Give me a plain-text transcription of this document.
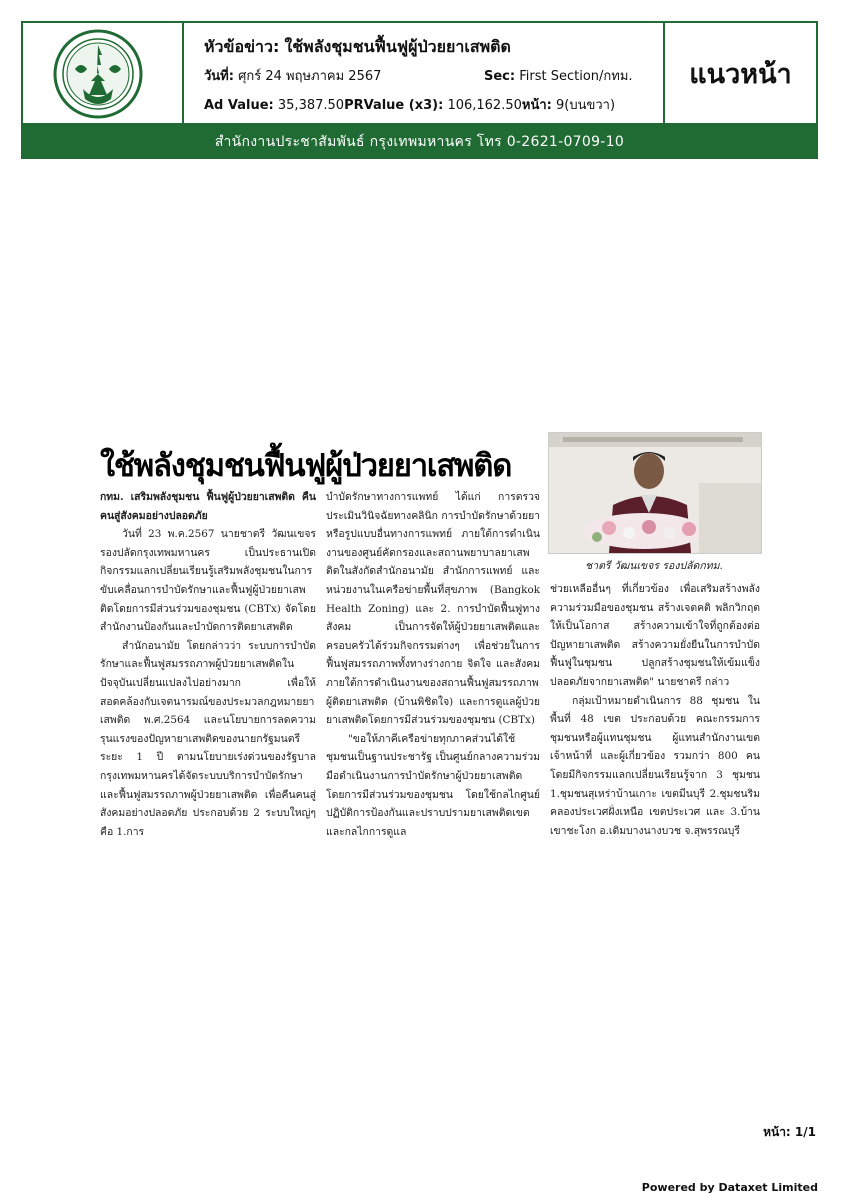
หัวข้อข่าว: ใช้พลังชุมชนฟื้นฟูผู้ป่วยยาเสพติด
วันที่: ศุกร์ 24 พฤษภาคม 2567	Sec: First Section/กทม.
Ad Value: 35,387.50PRValue (x3): 106,162.50หน้า: 9(บนขวา)
แนวหน้า
สำนักงานประชาสัมพันธ์ กรุงเทพมหานคร โทร 0-2621-0709-10
ใช้พลังชุมชนฟื้นฟูผู้ป่วยยาเสพติด
ชาตรี วัฒนเขจร รองปลัดกทม.

กทม. เสริมพลังชุมชน ฟื้นฟูผู้ป่วยยาเสพติด คืนคนสู่สังคมอย่างปลอดภัย

วันที่ 23 พ.ค.2567 นายชาตรี วัฒนเขจร รองปลัดกรุงเทพมหานคร เป็นประธานเปิดกิจกรรมแลกเปลี่ยนเรียนรู้เสริมพลังชุมชนในการขับเคลื่อนการบำบัดรักษาและฟื้นฟูผู้ป่วยยาเสพติดโดยการมีส่วนร่วมของชุมชน (CBTx) จัดโดยสำนักงานป้องกันและบำบัดการติดยาเสพติด

สำนักอนามัย โดยกล่าวว่า ระบบการบำบัดรักษาและฟื้นฟูสมรรถภาพผู้ป่วยยาเสพติดในปัจจุบันเปลี่ยนแปลงไปอย่างมาก เพื่อให้สอดคล้องกับเจตนารมณ์ของประมวลกฎหมายยาเสพติด พ.ศ.2564 และนโยบายการลดความรุนแรงของปัญหายาเสพติดของนายกรัฐมนตรี ระยะ 1 ปี ตามนโยบายเร่งด่วนของรัฐบาล กรุงเทพมหานครได้จัดระบบบริการบำบัดรักษาและฟื้นฟูสมรรถภาพผู้ป่วยยาเสพติด เพื่อคืนคนสู่สังคมอย่างปลอดภัย ประกอบด้วย 2 ระบบใหญ่ๆ คือ 1.การ

บำบัดรักษาทางการแพทย์ ได้แก่ การตรวจประเมินวินิจฉัยทางคลินิก การบำบัดรักษาด้วยยาหรือรูปแบบอื่นทางการแพทย์ ภายใต้การดำเนินงานของศูนย์คัดกรองและสถานพยาบาลยาเสพติดในสังกัดสำนักอนามัย สำนักการแพทย์ และหน่วยงานในเครือข่ายพื้นที่สุขภาพ (Bangkok Health Zoning) และ 2. การบำบัดฟื้นฟูทางสังคม เป็นการจัดให้ผู้ป่วยยาเสพติดและครอบครัวได้ร่วมกิจกรรมต่างๆ เพื่อช่วยในการฟื้นฟูสมรรถภาพทั้งทางร่างกาย จิตใจ และสังคม ภายใต้การดำเนินงานของสถานฟื้นฟูสมรรถภาพผู้ติดยาเสพติด (บ้านพิชิตใจ) และการดูแลผู้ป่วยยาเสพติดโดยการมีส่วนร่วมของชุมชน (CBTx)

"ขอให้ภาคีเครือข่ายทุกภาคส่วนได้ใช้ชุมชนเป็นฐานประชารัฐ เป็นศูนย์กลางความร่วมมือดำเนินงานการบำบัดรักษาผู้ป่วยยาเสพติดโดยการมีส่วนร่วมของชุมชน โดยใช้กลไกศูนย์ปฏิบัติการป้องกันและปราบปรามยาเสพติดเขต และกลไกการดูแล

ช่วยเหลืออื่นๆ ที่เกี่ยวข้อง เพื่อเสริมสร้างพลังความร่วมมือของชุมชน สร้างเจตคติ พลิกวิกฤตให้เป็นโอกาส สร้างความเข้าใจที่ถูกต้องต่อปัญหายาเสพติด สร้างความยั่งยืนในการบำบัดฟื้นฟูในชุมชน ปลูกสร้างชุมชนให้เข้มแข็ง ปลอดภัยจากยาเสพติด" นายชาตรี กล่าว

กลุ่มเป้าหมายดำเนินการ 88 ชุมชน ในพื้นที่ 48 เขต ประกอบด้วย คณะกรรมการชุมชนหรือผู้แทนชุมชน ผู้แทนสำนักงานเขต เจ้าหน้าที่ และผู้เกี่ยวข้อง รวมกว่า 800 คน โดยมีกิจกรรมแลกเปลี่ยนเรียนรู้จาก 3 ชุมชน 1.ชุมชนสุเหร่าบ้านเกาะ เขตมีนบุรี 2.ชุมชนริมคลองประเวศฝั่งเหนือ เขตประเวศ และ 3.บ้านเขาชะโงก อ.เดิมบางนางบวช จ.สุพรรณบุรี

หน้า: 1/1
Powered by Dataxet Limited
